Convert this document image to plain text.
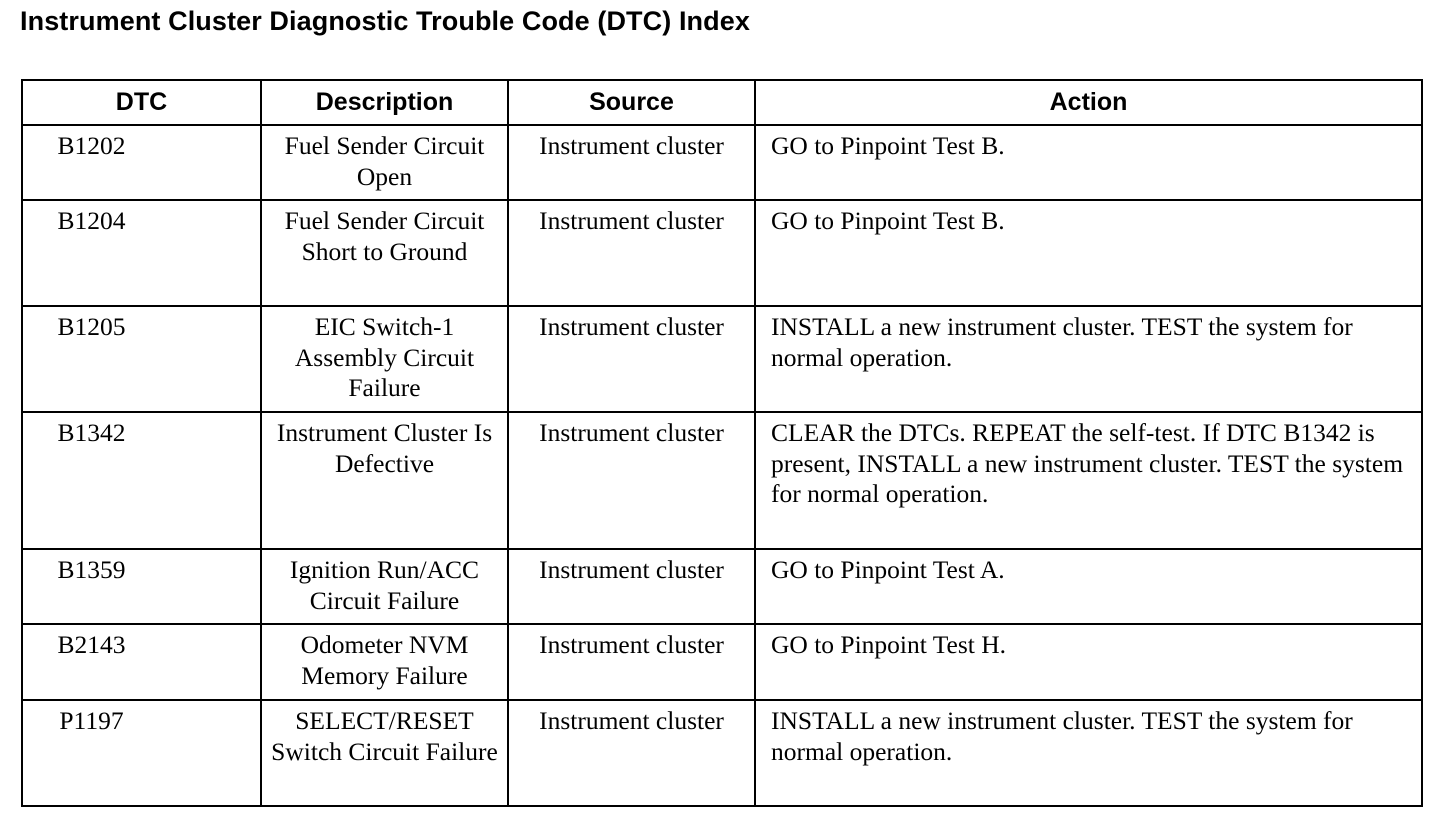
Instrument Cluster Diagnostic Trouble Code (DTC) Index
DTC	Description	Source	Action
B1202	Fuel Sender Circuit Open	Instrument cluster	GO to Pinpoint Test B.
B1204	Fuel Sender Circuit Short to Ground	Instrument cluster	GO to Pinpoint Test B.
B1205	EIC Switch-1 Assembly Circuit Failure	Instrument cluster	INSTALL a new instrument cluster. TEST the system for normal operation.
B1342	Instrument Cluster Is Defective	Instrument cluster	CLEAR the DTCs. REPEAT the self-test. If DTC B1342 is present, INSTALL a new instrument cluster. TEST the system for normal operation.
B1359	Ignition Run/ACC Circuit Failure	Instrument cluster	GO to Pinpoint Test A.
B2143	Odometer NVM Memory Failure	Instrument cluster	GO to Pinpoint Test H.
P1197	SELECT/RESET Switch Circuit Failure	Instrument cluster	INSTALL a new instrument cluster. TEST the system for normal operation.
